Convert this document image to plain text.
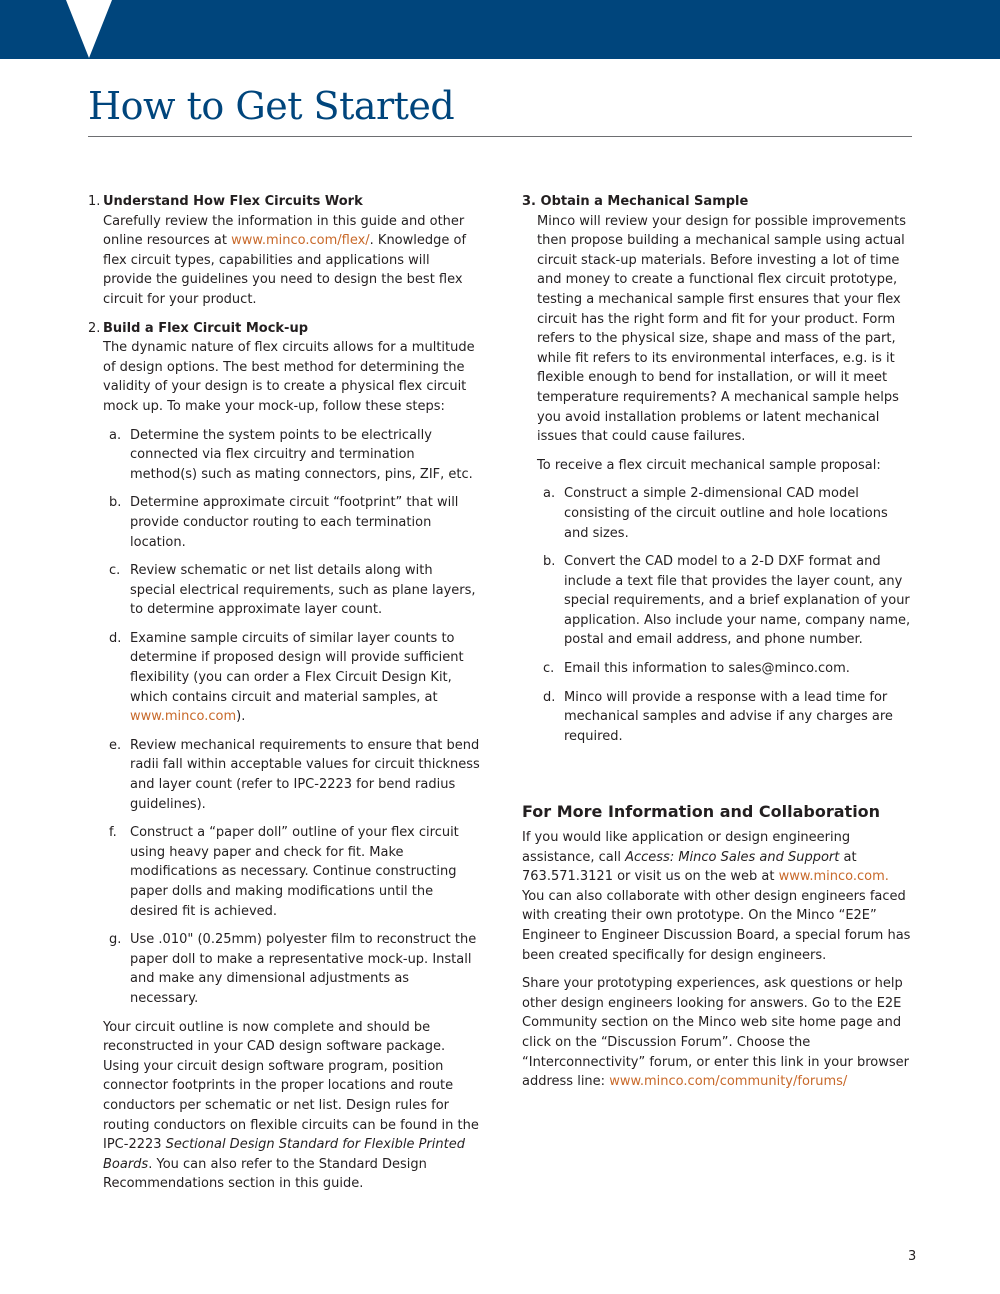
How to Get Started
1. Understand How Flex Circuits Work

Carefully review the information in this guide and other online resources at www.minco.com/flex/. Knowledge of flex circuit types, capabilities and applications will provide the guidelines you need to design the best flex circuit for your product.

2. Build a Flex Circuit Mock-up

The dynamic nature of flex circuits allows for a multitude of design options. The best method for determining the validity of your design is to create a physical flex circuit mock up. To make your mock-up, follow these steps:

a. Determine the system points to be electrically connected via flex circuitry and termination method(s) such as mating connectors, pins, ZIF, etc.
b. Determine approximate circuit “footprint” that will provide conductor routing to each termination location.
c. Review schematic or net list details along with special electrical requirements, such as plane layers, to determine approximate layer count.
d. Examine sample circuits of similar layer counts to determine if proposed design will provide sufficient flexibility (you can order a Flex Circuit Design Kit, which contains circuit and material samples, at www.minco.com).
e. Review mechanical requirements to ensure that bend radii fall within acceptable values for circuit thickness and layer count (refer to IPC-2223 for bend radius guidelines).
f. Construct a “paper doll” outline of your flex circuit using heavy paper and check for fit. Make modifications as necessary. Continue constructing paper dolls and making modifications until the desired fit is achieved.
g. Use .010" (0.25mm) polyester film to reconstruct the paper doll to make a representative mock-up. Install and make any dimensional adjustments as necessary.

Your circuit outline is now complete and should be reconstructed in your CAD design software package. Using your circuit design software program, position connector footprints in the proper locations and route conductors per schematic or net list. Design rules for routing conductors on flexible circuits can be found in the IPC-2223 Sectional Design Standard for Flexible Printed Boards. You can also refer to the Standard Design Recommendations section in this guide.

3. Obtain a Mechanical Sample

Minco will review your design for possible improvements then propose building a mechanical sample using actual circuit stack-up materials. Before investing a lot of time and money to create a functional flex circuit prototype, testing a mechanical sample first ensures that your flex circuit has the right form and fit for your product. Form refers to the physical size, shape and mass of the part, while fit refers to its environmental interfaces, e.g. is it flexible enough to bend for installation, or will it meet temperature requirements? A mechanical sample helps you avoid installation problems or latent mechanical issues that could cause failures.

To receive a flex circuit mechanical sample proposal:

a. Construct a simple 2-dimensional CAD model consisting of the circuit outline and hole locations and sizes.
b. Convert the CAD model to a 2-D DXF format and include a text file that provides the layer count, any special requirements, and a brief explanation of your application. Also include your name, company name, postal and email address, and phone number.
c. Email this information to sales@minco.com.
d. Minco will provide a response with a lead time for mechanical samples and advise if any charges are required.
For More Information and Collaboration

If you would like application or design engineering assistance, call Access: Minco Sales and Support at 763.571.3121 or visit us on the web at www.minco.com. You can also collaborate with other design engineers faced with creating their own prototype. On the Minco “E2E” Engineer to Engineer Discussion Board, a special forum has been created specifically for design engineers.

Share your prototyping experiences, ask questions or help other design engineers looking for answers. Go to the E2E Community section on the Minco web site home page and click on the “Discussion Forum”. Choose the “Interconnectivity” forum, or enter this link in your browser address line: www.minco.com/community/forums/

3
